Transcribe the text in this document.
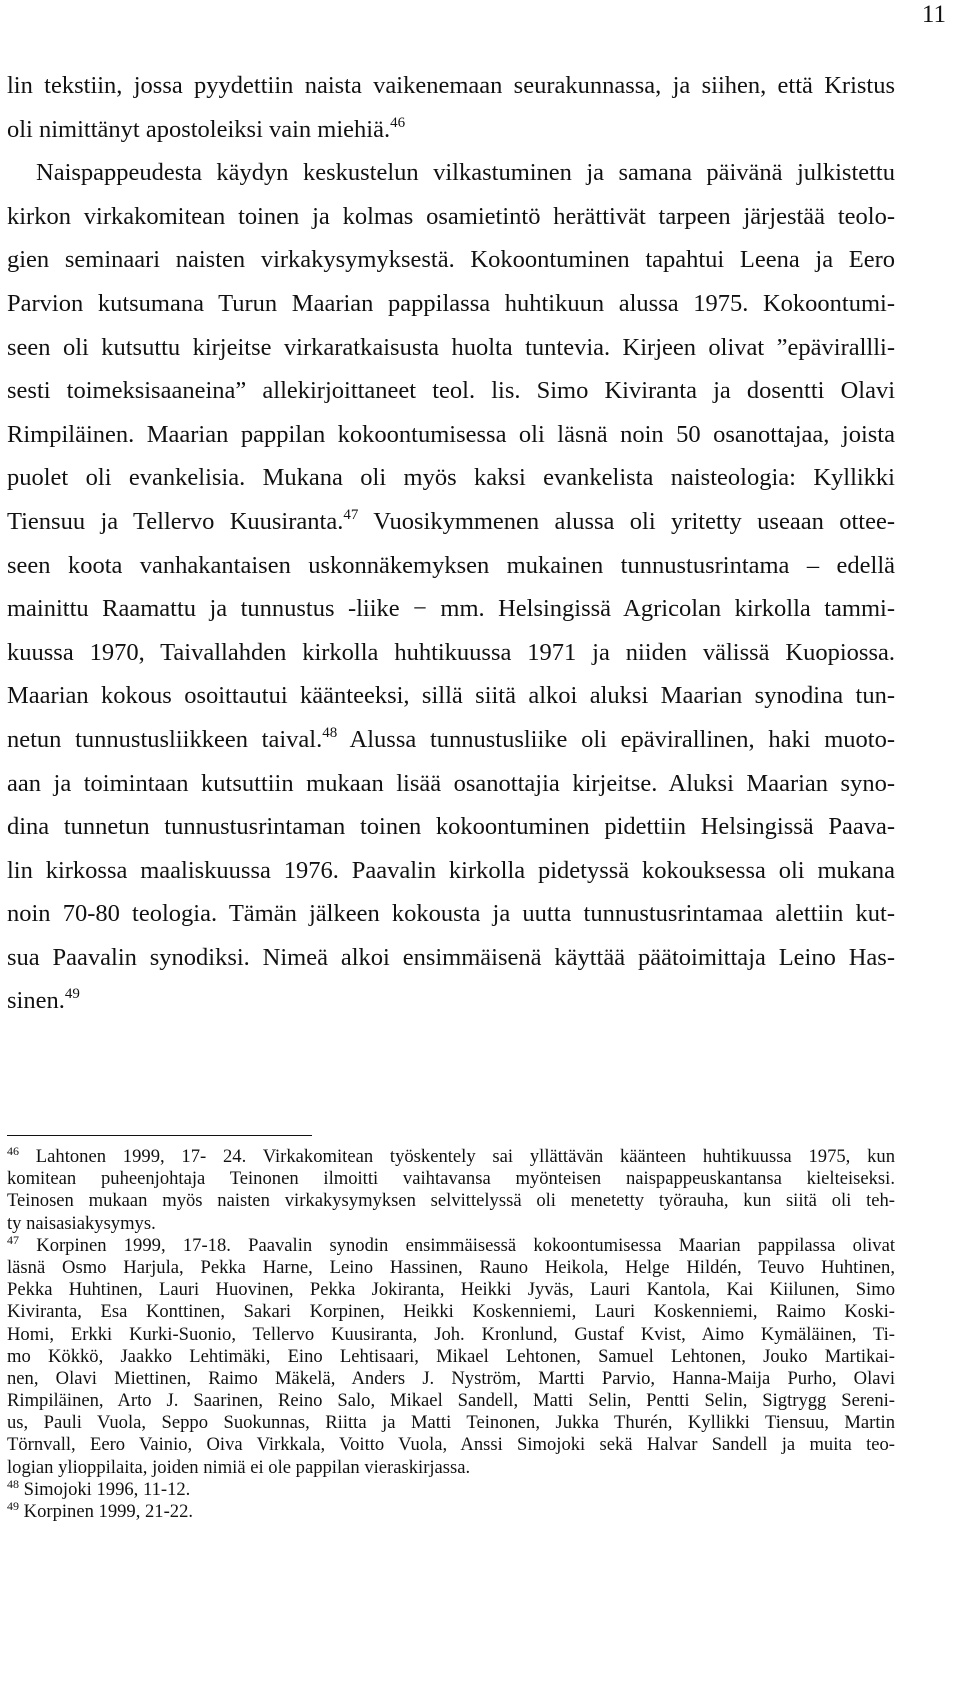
11
lin tekstiin, jossa pyydettiin naista vaikenemaan seurakunnassa, ja siihen, että Kristus
oli nimittänyt apostoleiksi vain miehiä.$^{46}$
Naispappeudesta käydyn keskustelun vilkastuminen ja samana päivänä julkistettu
kirkon virkakomitean toinen ja kolmas osamietintö herättivät tarpeen järjestää teolo-
gien seminaari naisten virkakysymyksestä. Kokoontuminen tapahtui Leena ja Eero
Parvion kutsumana Turun Maarian pappilassa huhtikuun alussa 1975. Kokoontumi-
seen oli kutsuttu kirjeitse virkaratkaisusta huolta tuntevia. Kirjeen olivat ”epävirallli-
sesti toimeksisaaneina” allekirjoittaneet teol. lis. Simo Kiviranta ja dosentti Olavi
Rimpiläinen. Maarian pappilan kokoontumisessa oli läsnä noin 50 osanottajaa, joista
puolet oli evankelisia. Mukana oli myös kaksi evankelista naisteologia: Kyllikki
Tiensuu ja Tellervo Kuusiranta.$^{47}$ Vuosikymmenen alussa oli yritetty useaan ottee-
seen koota vanhakantaisen uskonnäkemyksen mukainen tunnustusrintama – edellä
mainittu Raamattu ja tunnustus -liike − mm. Helsingissä Agricolan kirkolla tammi-
kuussa 1970, Taivallahden kirkolla huhtikuussa 1971 ja niiden välissä Kuopiossa.
Maarian kokous osoittautui käänteeksi, sillä siitä alkoi aluksi Maarian synodina tun-
netun tunnustusliikkeen taival.$^{48}$ Alussa tunnustusliike oli epävirallinen, haki muoto-
aan ja toimintaan kutsuttiin mukaan lisää osanottajia kirjeitse. Aluksi Maarian syno-
dina tunnetun tunnustusrintaman toinen kokoontuminen pidettiin Helsingissä Paava-
lin kirkossa maaliskuussa 1976. Paavalin kirkolla pidetyssä kokouksessa oli mukana
noin 70-80 teologia. Tämän jälkeen kokousta ja uutta tunnustusrintamaa alettiin kut-
sua Paavalin synodiksi. Nimeä alkoi ensimmäisenä käyttää päätoimittaja Leino Has-
sinen.$^{49}$
$^{46}$ Lahtonen 1999, 17- 24. Virkakomitean työskentely sai yllättävän käänteen huhtikuussa 1975, kun
komitean puheenjohtaja Teinonen ilmoitti vaihtavansa myönteisen naispappeuskantansa kielteiseksi.
Teinosen mukaan myös naisten virkakysymyksen selvittelyssä oli menetetty työrauha, kun siitä oli teh-
ty naisasiakysymys.
$^{47}$ Korpinen 1999, 17-18. Paavalin synodin ensimmäisessä kokoontumisessa Maarian pappilassa olivat
läsnä Osmo Harjula, Pekka Harne, Leino Hassinen, Rauno Heikola, Helge Hildén, Teuvo Huhtinen,
Pekka Huhtinen, Lauri Huovinen, Pekka Jokiranta, Heikki Jyväs, Lauri Kantola, Kai Kiilunen, Simo
Kiviranta, Esa Konttinen, Sakari Korpinen, Heikki Koskenniemi, Lauri Koskenniemi, Raimo Koski-
Homi, Erkki Kurki-Suonio, Tellervo Kuusiranta, Joh. Kronlund, Gustaf Kvist, Aimo Kymäläinen, Ti-
mo Kökkö, Jaakko Lehtimäki, Eino Lehtisaari, Mikael Lehtonen, Samuel Lehtonen, Jouko Martikai-
nen, Olavi Miettinen, Raimo Mäkelä, Anders J. Nyström, Martti Parvio, Hanna-Maija Purho, Olavi
Rimpiläinen, Arto J. Saarinen, Reino Salo, Mikael Sandell, Matti Selin, Pentti Selin, Sigtrygg Sereni-
us, Pauli Vuola, Seppo Suokunnas, Riitta ja Matti Teinonen, Jukka Thurén, Kyllikki Tiensuu, Martin
Törnvall, Eero Vainio, Oiva Virkkala, Voitto Vuola, Anssi Simojoki sekä Halvar Sandell ja muita teo-
logian ylioppilaita, joiden nimiä ei ole pappilan vieraskirjassa.
$^{48}$ Simojoki 1996, 11-12.
$^{49}$ Korpinen 1999, 21-22.
